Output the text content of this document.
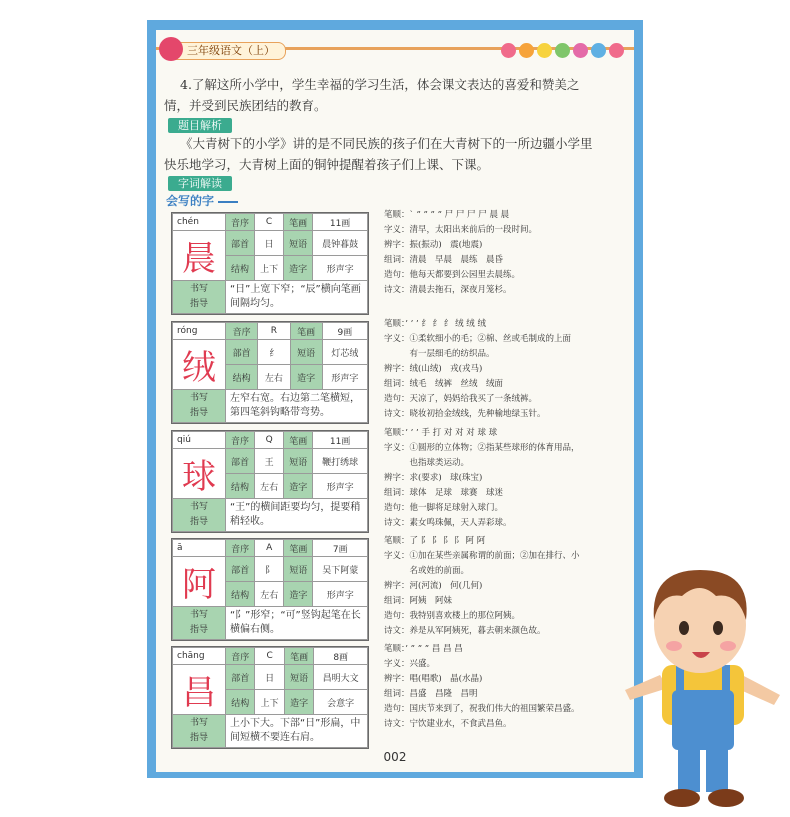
三年级语文（上）
4.了解这所小学中，学生幸福的学习生活，体会课文表达的喜爱和赞美之
情，并受到民族团结的教育。
题目解析
《大青树下的小学》讲的是不同民族的孩子们在大青树下的一所边疆小学里
快乐地学习，大青树上面的铜钟提醒着孩子们上课、下课。
字词解读
会写的字
chén	音序	C	笔画	11画
晨	部首	日	短语	晨钟暮鼓
	结构	上下	造字	形声字
书写
指导	“日”上宽下窄；“辰”横向笔画间隔均匀。			
笔顺：` ” ” ” ” 尸 尸 尸 尸 晨 晨
字义：清早，太阳出来前后的一段时间。
辨字：振(振动)　震(地震)
组词：清晨　早晨　晨练　晨昏
造句：他每天都要到公园里去晨练。
诗文：清晨去拖石，深夜月笼杉。
róng	音序	R	笔画	9画
绒	部首	纟	短语	灯芯绒
	结构	左右	造字	形声字
书写
指导	左窄右宽。右边第二笔横短，第四笔斜钩略带弯势。			
笔顺：’ ’ ’ 纟 纟 纟 绒 绒 绒
字义：①柔软细小的毛；②棉、丝或毛制成的上面
　　　有一层细毛的纺织品。
辨字：绒(山绒)　戎(戎马)
组词：绒毛　绒裤　丝绒　绒面
造句：天凉了，妈妈给我买了一条绒裤。
诗文：晓妆初拾金绒线，先种榆地绿玉针。
qiú	音序	Q	笔画	11画
球	部首	王	短语	鞭打绣球
	结构	左右	造字	形声字
书写
指导	“王”的横间距要均匀，提要稍稍轻收。			
笔顺：’ ’ ’ 手 打 对 对 对 球 球
字义：①圆形的立体物；②指某些球形的体育用品，
　　　也指球类运动。
辨字：求(要求)　球(珠宝)
组词：球体　足球　球赛　球迷
造句：他一脚将足球射入球门。
诗文：素女鸣珠佩，天人弄彩球。
ā	音序	A	笔画	7画
阿	部首	阝	短语	吴下阿蒙
	结构	左右	造字	形声字
书写
指导	“阝”形窄；“可”竖钩起笔在长横偏右侧。			
笔顺：了 阝 阝 阝 阝 阿 阿
字义：①加在某些亲属称谓的前面；②加在排行、小
　　　名或姓的前面。
辨字：河(河流)　何(几何)
组词：阿姨　阿妹
造句：我特别喜欢楼上的那位阿姨。
诗文：养是从军阿姨死，暮去朝来颜色故。
chāng	音序	C	笔画	8画
昌	部首	日	短语	昌明大文
	结构	上下	造字	会意字
书写
指导	上小下大。下部“日”形扁，中间短横不要连右肩。			
笔顺：’ ” ” ” 昌 昌 昌
字义：兴盛。
辨字：唱(唱歌)　晶(水晶)
组词：昌盛　昌隆　昌明
造句：国庆节来到了，祝我们伟大的祖国繁荣昌盛。
诗文：宁饮建业水，不食武昌鱼。
002
